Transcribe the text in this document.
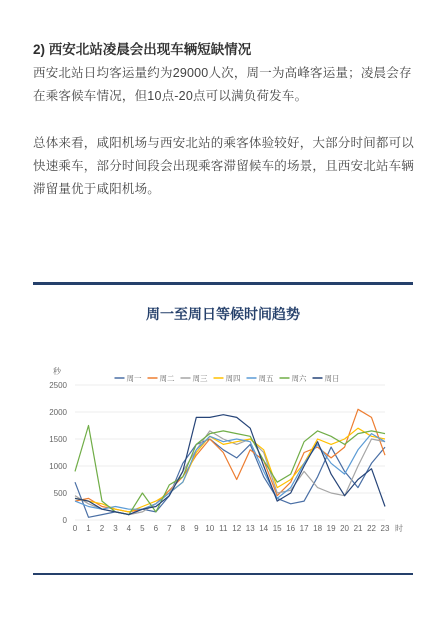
2) 西安北站凌晨会出现车辆短缺情况

西安北站日均客运量约为29000人次，周一为高峰客运量；凌晨会存在乘客候车情况，但10点-20点可以满负荷发车。

总体来看，咸阳机场与西安北站的乘客体验较好，大部分时间都可以快速乘车，部分时间段会出现乘客滞留候车的场景，且西安北站车辆滞留量优于咸阳机场。

周一至周日等候时间趋势
周一 周二 周三 周四 周五 周六 周日
秒
时
0
500
1000
1500
2000
2500
0 1 2 3 4 5 6 7 8 9 10 11 12 13 14 15 16 17 18 19 20 21 22 23
